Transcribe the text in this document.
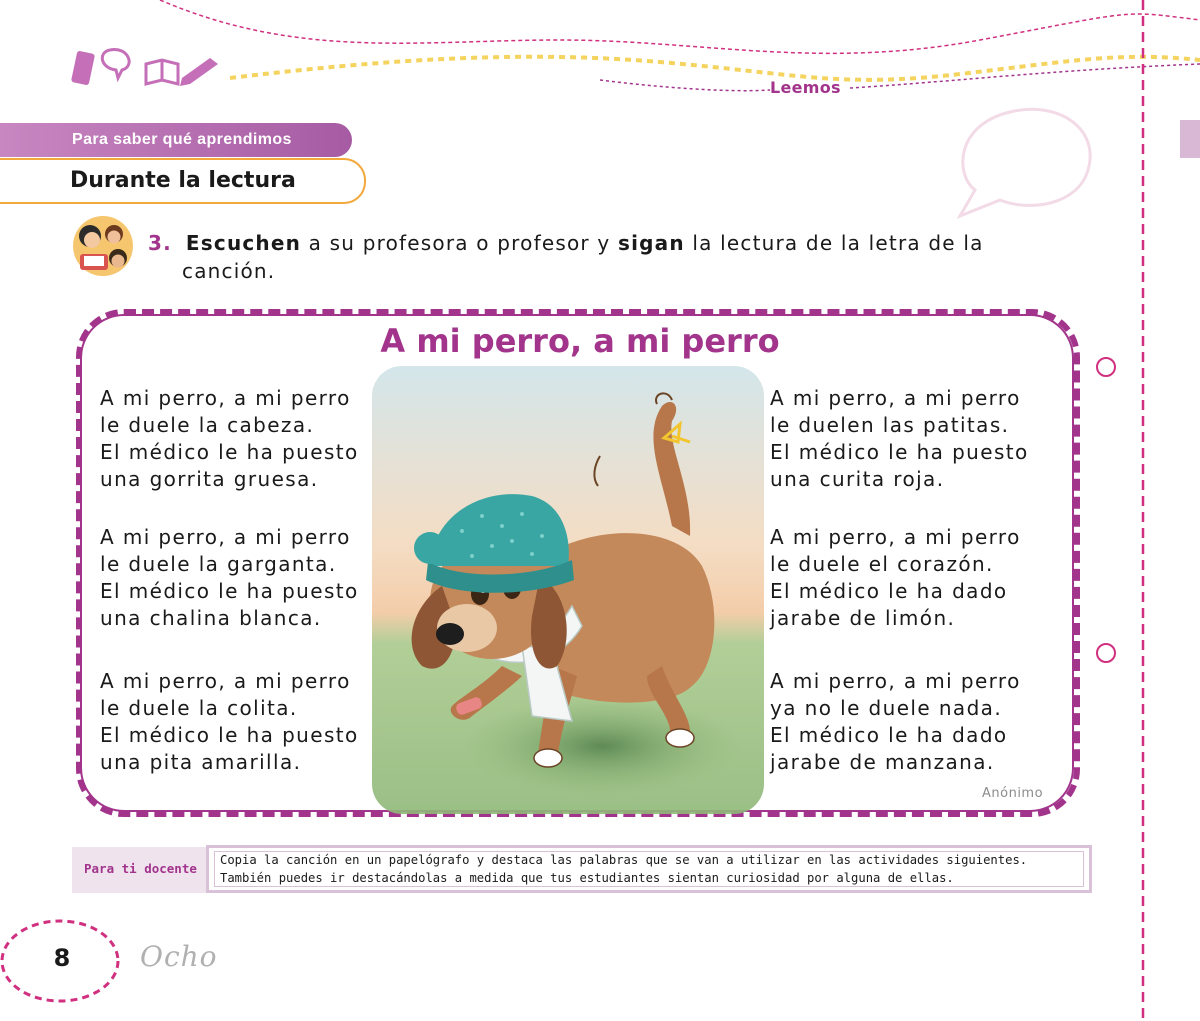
Leemos
Para saber qué aprendimos
Durante la lectura
3. Escuchen a su profesora o profesor y sigan la lectura de la letra de la
canción.
A mi perro, a mi perro
A mi perro, a mi perro
le duele la cabeza.
El médico le ha puesto
una gorrita gruesa.
A mi perro, a mi perro
le duele la garganta.
El médico le ha puesto
una chalina blanca.
A mi perro, a mi perro
le duele la colita.
El médico le ha puesto
una pita amarilla.
A mi perro, a mi perro
le duelen las patitas.
El médico le ha puesto
una curita roja.
A mi perro, a mi perro
le duele el corazón.
El médico le ha dado
jarabe de limón.
A mi perro, a mi perro
ya no le duele nada.
El médico le ha dado
jarabe de manzana.
Anónimo
Para ti docente
Copia la canción en un papelógrafo y destaca las palabras que se van a utilizar en las actividades siguientes.
También puedes ir destacándolas a medida que tus estudiantes sientan curiosidad por alguna de ellas.
8	Ocho
